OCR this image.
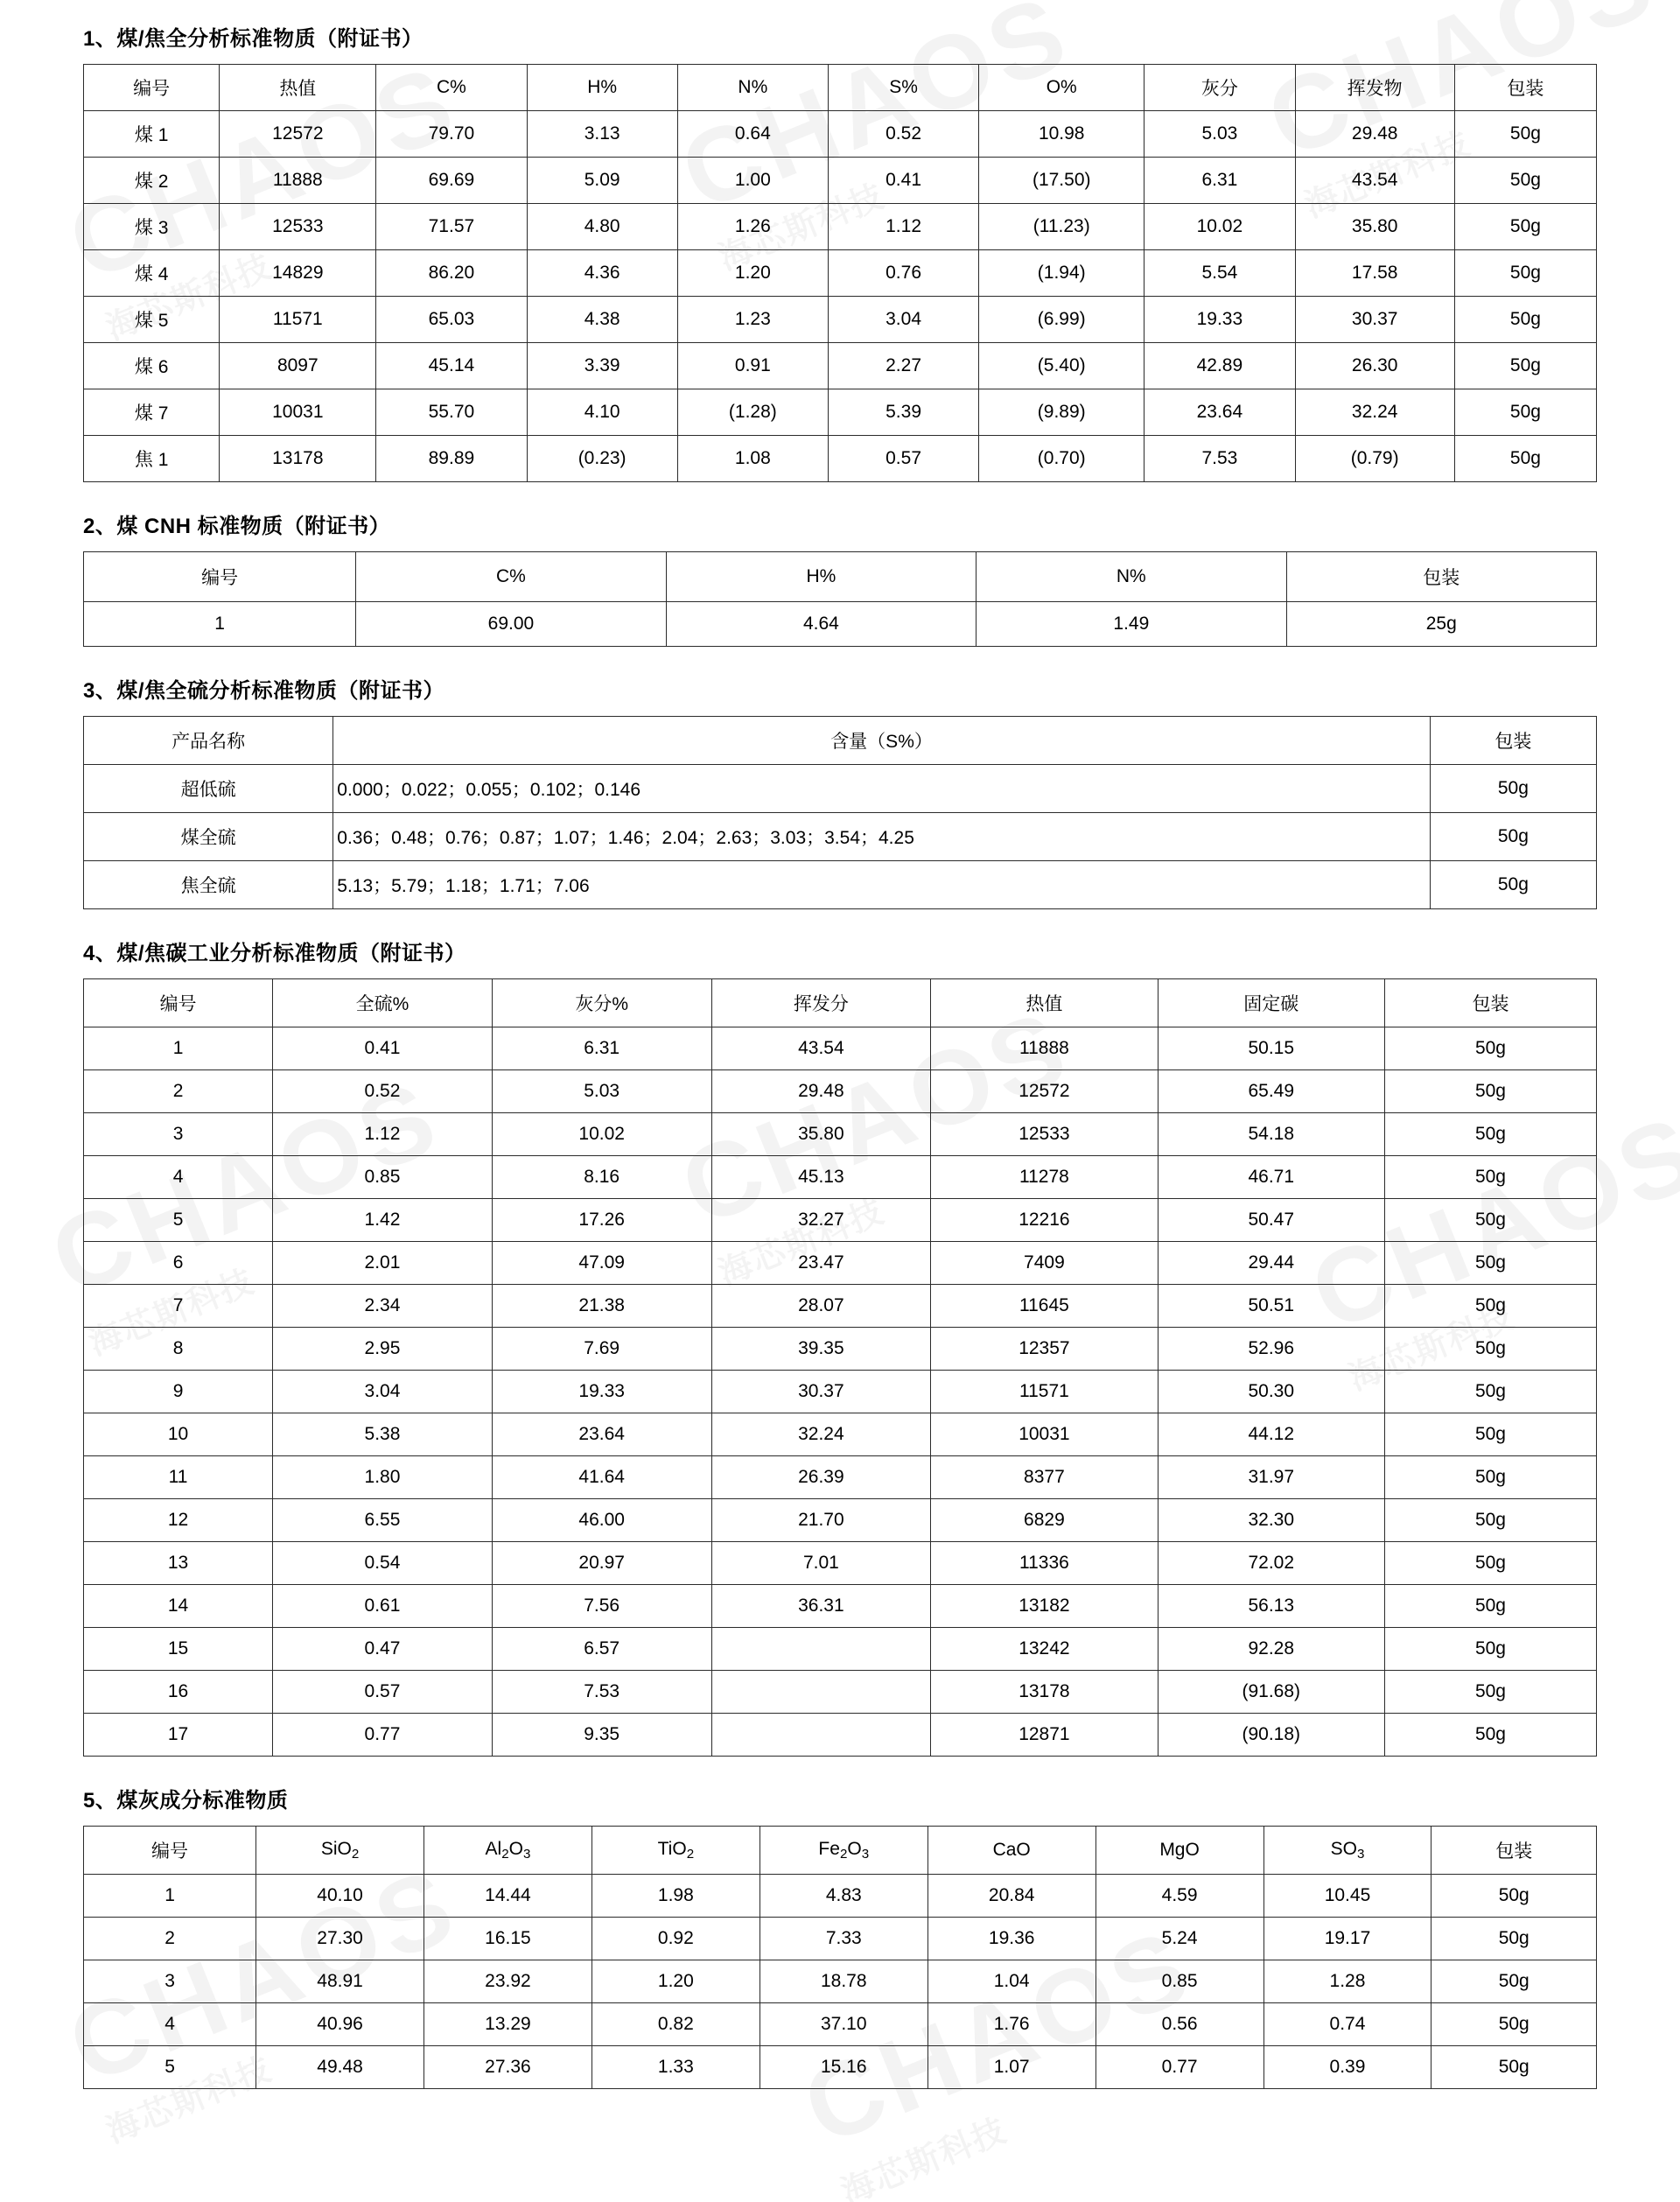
1、煤/焦全分析标准物质（附证书）
编号	热值	C%	H%	N%	S%	O%	灰分	挥发物	包装
煤 1	12572	79.70	3.13	0.64	0.52	10.98	5.03	29.48	50g
煤 2	11888	69.69	5.09	1.00	0.41	(17.50)	6.31	43.54	50g
煤 3	12533	71.57	4.80	1.26	1.12	(11.23)	10.02	35.80	50g
煤 4	14829	86.20	4.36	1.20	0.76	(1.94)	5.54	17.58	50g
煤 5	11571	65.03	4.38	1.23	3.04	(6.99)	19.33	30.37	50g
煤 6	8097	45.14	3.39	0.91	2.27	(5.40)	42.89	26.30	50g
煤 7	10031	55.70	4.10	(1.28)	5.39	(9.89)	23.64	32.24	50g
焦 1	13178	89.89	(0.23)	1.08	0.57	(0.70)	7.53	(0.79)	50g
2、煤 CNH 标准物质（附证书）
编号	C%	H%	N%	包装
1	69.00	4.64	1.49	25g
3、煤/焦全硫分析标准物质（附证书）
产品名称	含量（S%）	包装
超低硫	0.000；0.022；0.055；0.102；0.146	50g
煤全硫	0.36；0.48；0.76；0.87；1.07；1.46；2.04；2.63；3.03；3.54；4.25	50g
焦全硫	5.13；5.79；1.18；1.71；7.06	50g
4、煤/焦碳工业分析标准物质（附证书）
编号	全硫%	灰分%	挥发分	热值	固定碳	包装
1	0.41	6.31	43.54	11888	50.15	50g
2	0.52	5.03	29.48	12572	65.49	50g
3	1.12	10.02	35.80	12533	54.18	50g
4	0.85	8.16	45.13	11278	46.71	50g
5	1.42	17.26	32.27	12216	50.47	50g
6	2.01	47.09	23.47	7409	29.44	50g
7	2.34	21.38	28.07	11645	50.51	50g
8	2.95	7.69	39.35	12357	52.96	50g
9	3.04	19.33	30.37	11571	50.30	50g
10	5.38	23.64	32.24	10031	44.12	50g
11	1.80	41.64	26.39	8377	31.97	50g
12	6.55	46.00	21.70	6829	32.30	50g
13	0.54	20.97	7.01	11336	72.02	50g
14	0.61	7.56	36.31	13182	56.13	50g
15	0.47	6.57		13242	92.28	50g
16	0.57	7.53		13178	(91.68)	50g
17	0.77	9.35		12871	(90.18)	50g
5、煤灰成分标准物质
编号	SiO$_2$	$Al_2O_3$	TiO$_2$	$Fe_2O_3$	CaO	MgO	$SO_3$	包装
1	40.10	14.44	1.98	4.83	20.84	4.59	10.45	50g
2	27.30	16.15	0.92	7.33	19.36	5.24	19.17	50g
3	48.91	23.92	1.20	18.78	1.04	0.85	1.28	50g
4	40.96	13.29	0.82	37.10	1.76	0.56	0.74	50g
5	49.48	27.36	1.33	15.16	1.07	0.77	0.39	50g
